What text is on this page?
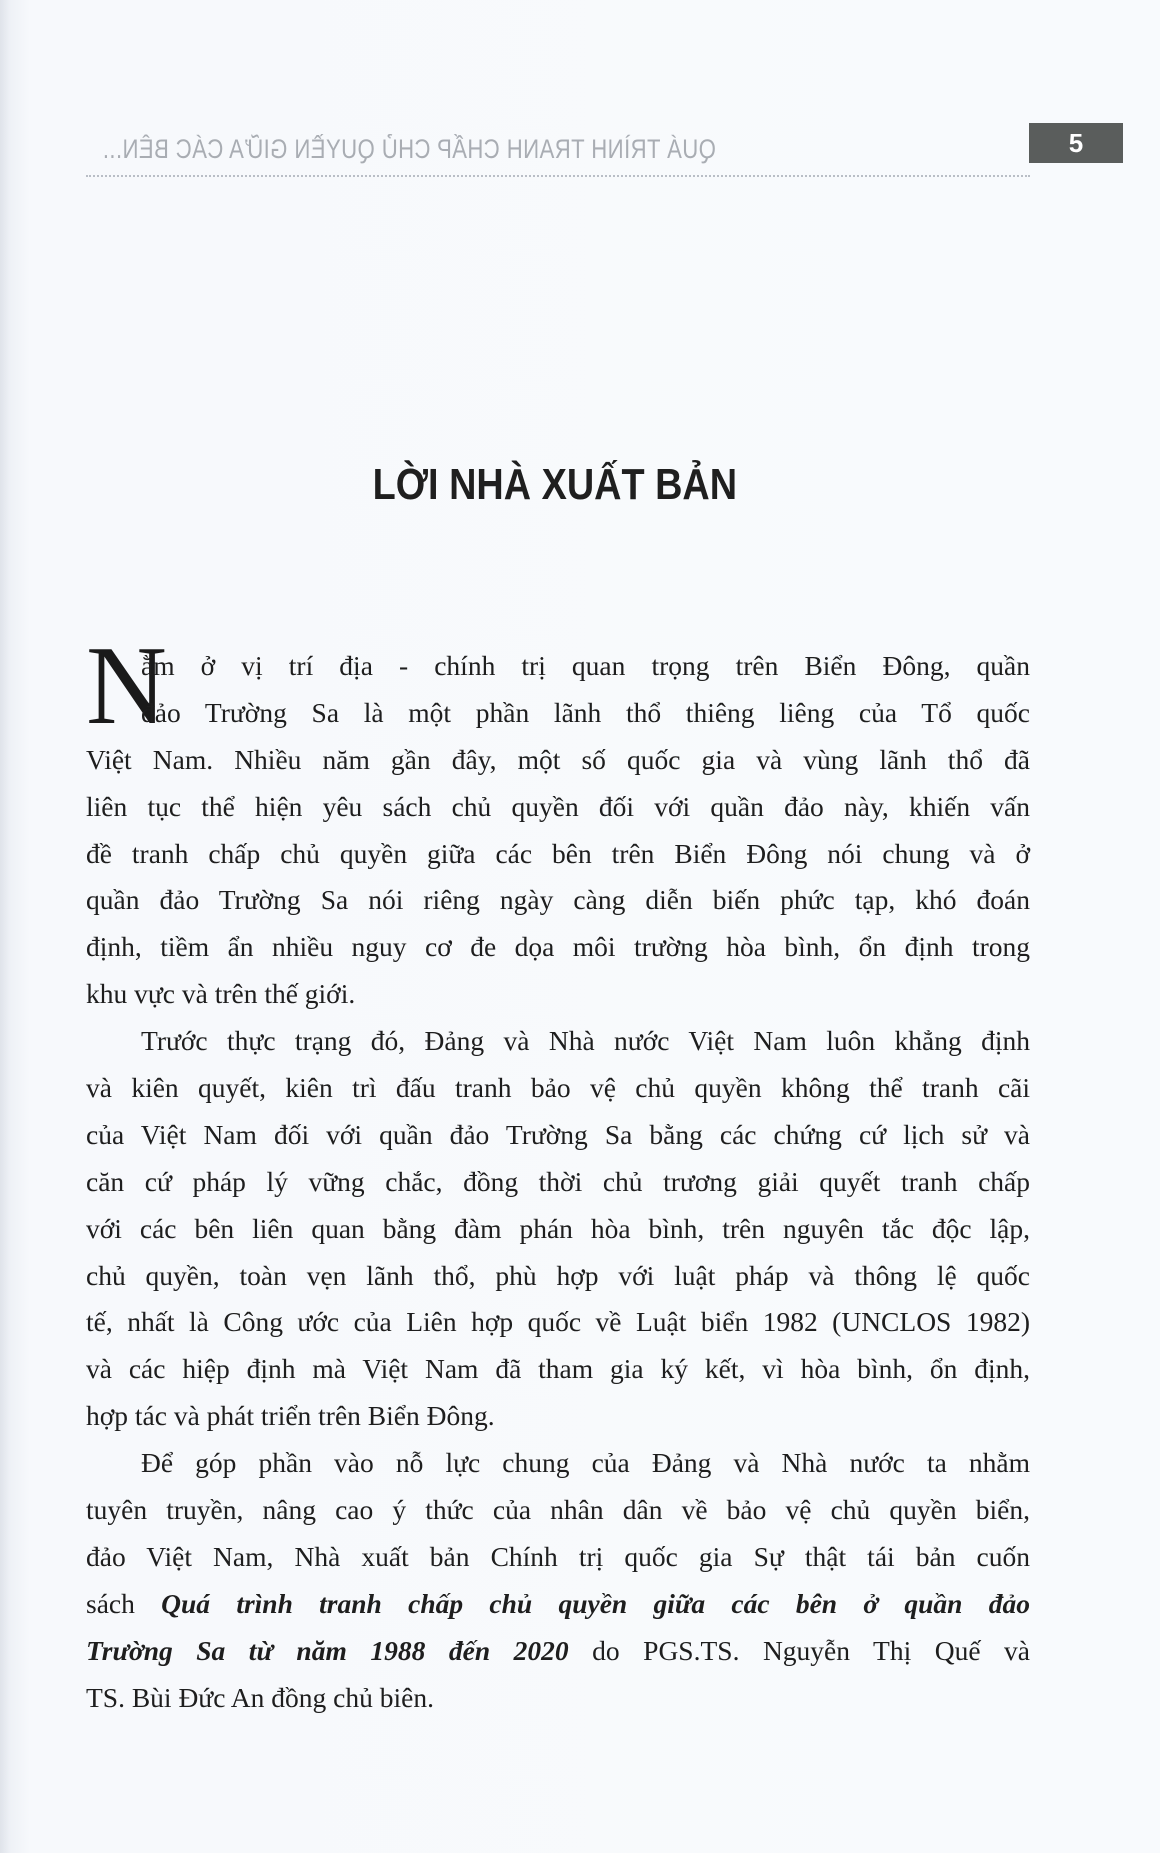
QUÁ TRÌNH TRANH CHẤP CHỦ QUYỀN GIỮA CÁC BÊN...	5
LỜI NHÀ XUẤT BẢN
N
ằm ở vị trí địa - chính trị quan trọng trên Biển Đông, quần
đảo Trường Sa là một phần lãnh thổ thiêng liêng của Tổ quốc
Việt Nam. Nhiều năm gần đây, một số quốc gia và vùng lãnh thổ đã
liên tục thể hiện yêu sách chủ quyền đối với quần đảo này, khiến vấn
đề tranh chấp chủ quyền giữa các bên trên Biển Đông nói chung và ở
quần đảo Trường Sa nói riêng ngày càng diễn biến phức tạp, khó đoán
định, tiềm ẩn nhiều nguy cơ đe dọa môi trường hòa bình, ổn định trong
khu vực và trên thế giới.
Trước thực trạng đó, Đảng và Nhà nước Việt Nam luôn khẳng định
và kiên quyết, kiên trì đấu tranh bảo vệ chủ quyền không thể tranh cãi
của Việt Nam đối với quần đảo Trường Sa bằng các chứng cứ lịch sử và
căn cứ pháp lý vững chắc, đồng thời chủ trương giải quyết tranh chấp
với các bên liên quan bằng đàm phán hòa bình, trên nguyên tắc độc lập,
chủ quyền, toàn vẹn lãnh thổ, phù hợp với luật pháp và thông lệ quốc
tế, nhất là Công ước của Liên hợp quốc về Luật biển 1982 (UNCLOS 1982)
và các hiệp định mà Việt Nam đã tham gia ký kết, vì hòa bình, ổn định,
hợp tác và phát triển trên Biển Đông.
Để góp phần vào nỗ lực chung của Đảng và Nhà nước ta nhằm
tuyên truyền, nâng cao ý thức của nhân dân về bảo vệ chủ quyền biển,
đảo Việt Nam, Nhà xuất bản Chính trị quốc gia Sự thật tái bản cuốn
sách Quá trình tranh chấp chủ quyền giữa các bên ở quần đảo
Trường Sa từ năm 1988 đến 2020 do PGS.TS. Nguyễn Thị Quế và
TS. Bùi Đức An đồng chủ biên.
